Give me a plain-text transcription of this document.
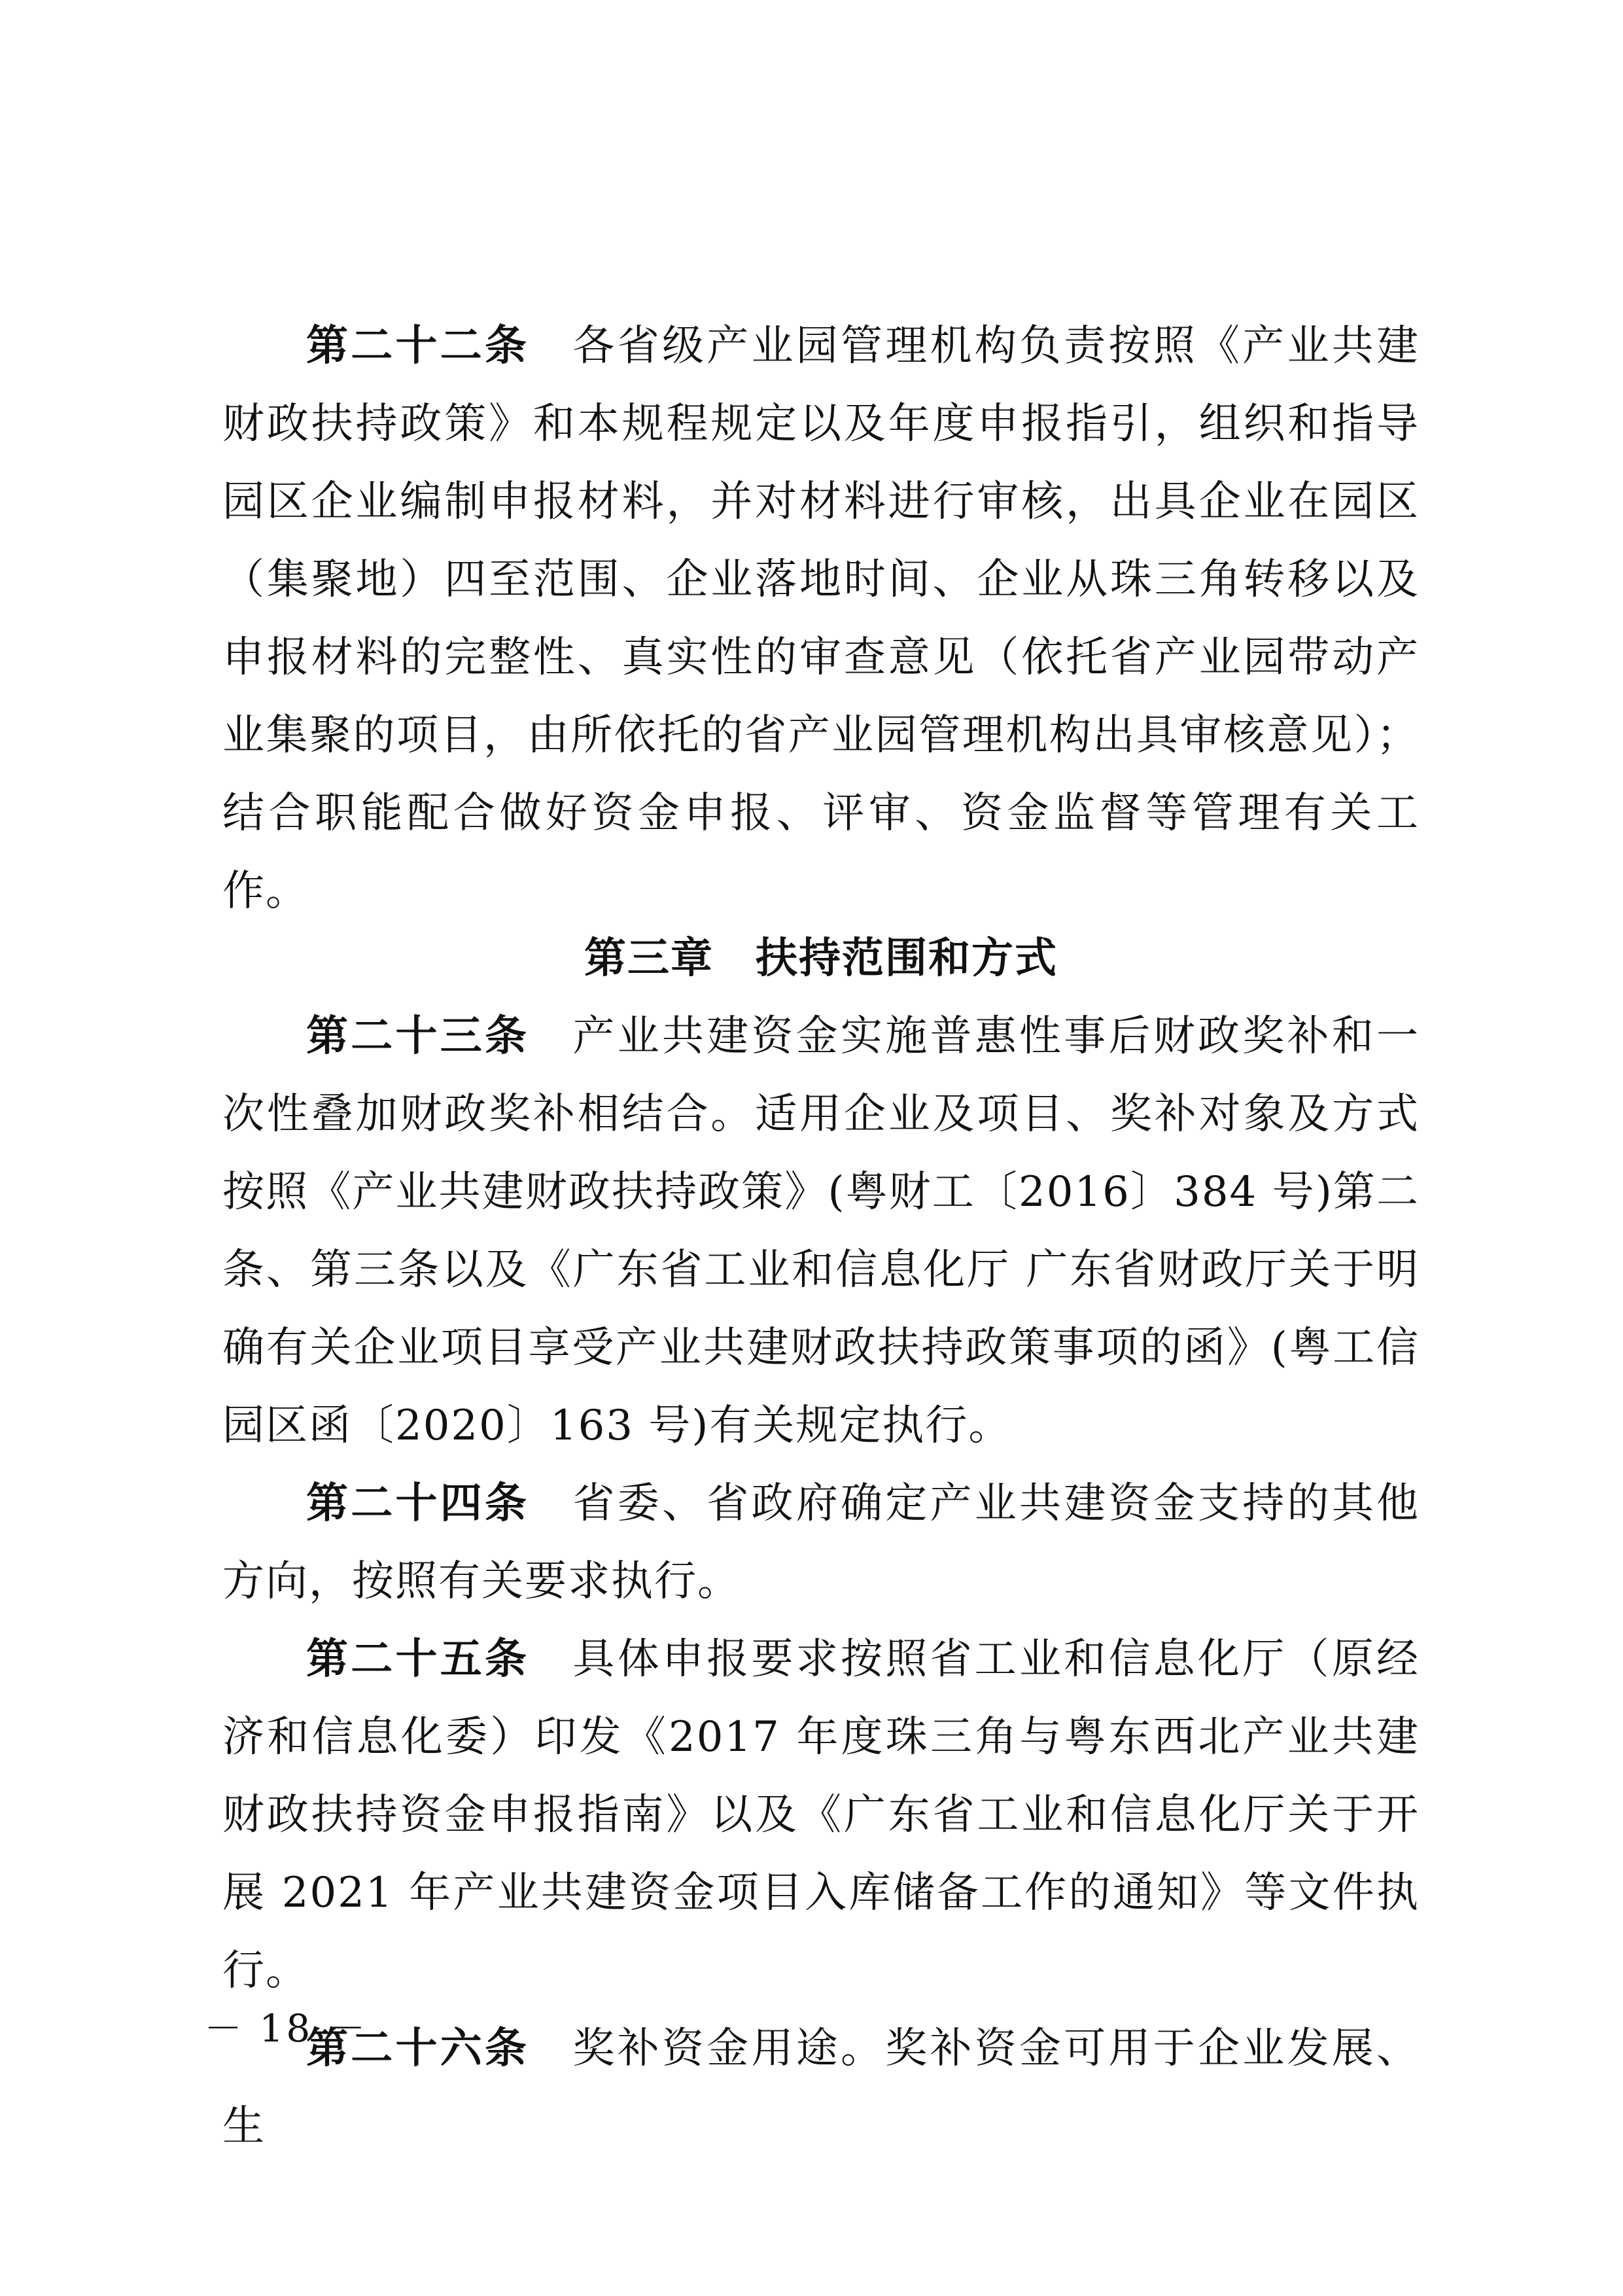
第二十二条 各省级产业园管理机构负责按照《产业共建财政扶持政策》和本规程规定以及年度申报指引，组织和指导园区企业编制申报材料，并对材料进行审核，出具企业在园区（集聚地）四至范围、企业落地时间、企业从珠三角转移以及申报材料的完整性、真实性的审查意见（依托省产业园带动产业集聚的项目，由所依托的省产业园管理机构出具审核意见）；结合职能配合做好资金申报、评审、资金监督等管理有关工作。

第三章 扶持范围和方式

第二十三条 产业共建资金实施普惠性事后财政奖补和一次性叠加财政奖补相结合。适用企业及项目、奖补对象及方式按照《产业共建财政扶持政策》(粤财工〔2016〕384 号)第二条、第三条以及《广东省工业和信息化厅 广东省财政厅关于明确有关企业项目享受产业共建财政扶持政策事项的函》(粤工信园区函〔2020〕163 号)有关规定执行。

第二十四条 省委、省政府确定产业共建资金支持的其他方向，按照有关要求执行。

第二十五条 具体申报要求按照省工业和信息化厅（原经济和信息化委）印发《2017 年度珠三角与粤东西北产业共建财政扶持资金申报指南》以及《广东省工业和信息化厅关于开展 2021 年产业共建资金项目入库储备工作的通知》等文件执行。

第二十六条 奖补资金用途。奖补资金可用于企业发展、生

－ 18 －
